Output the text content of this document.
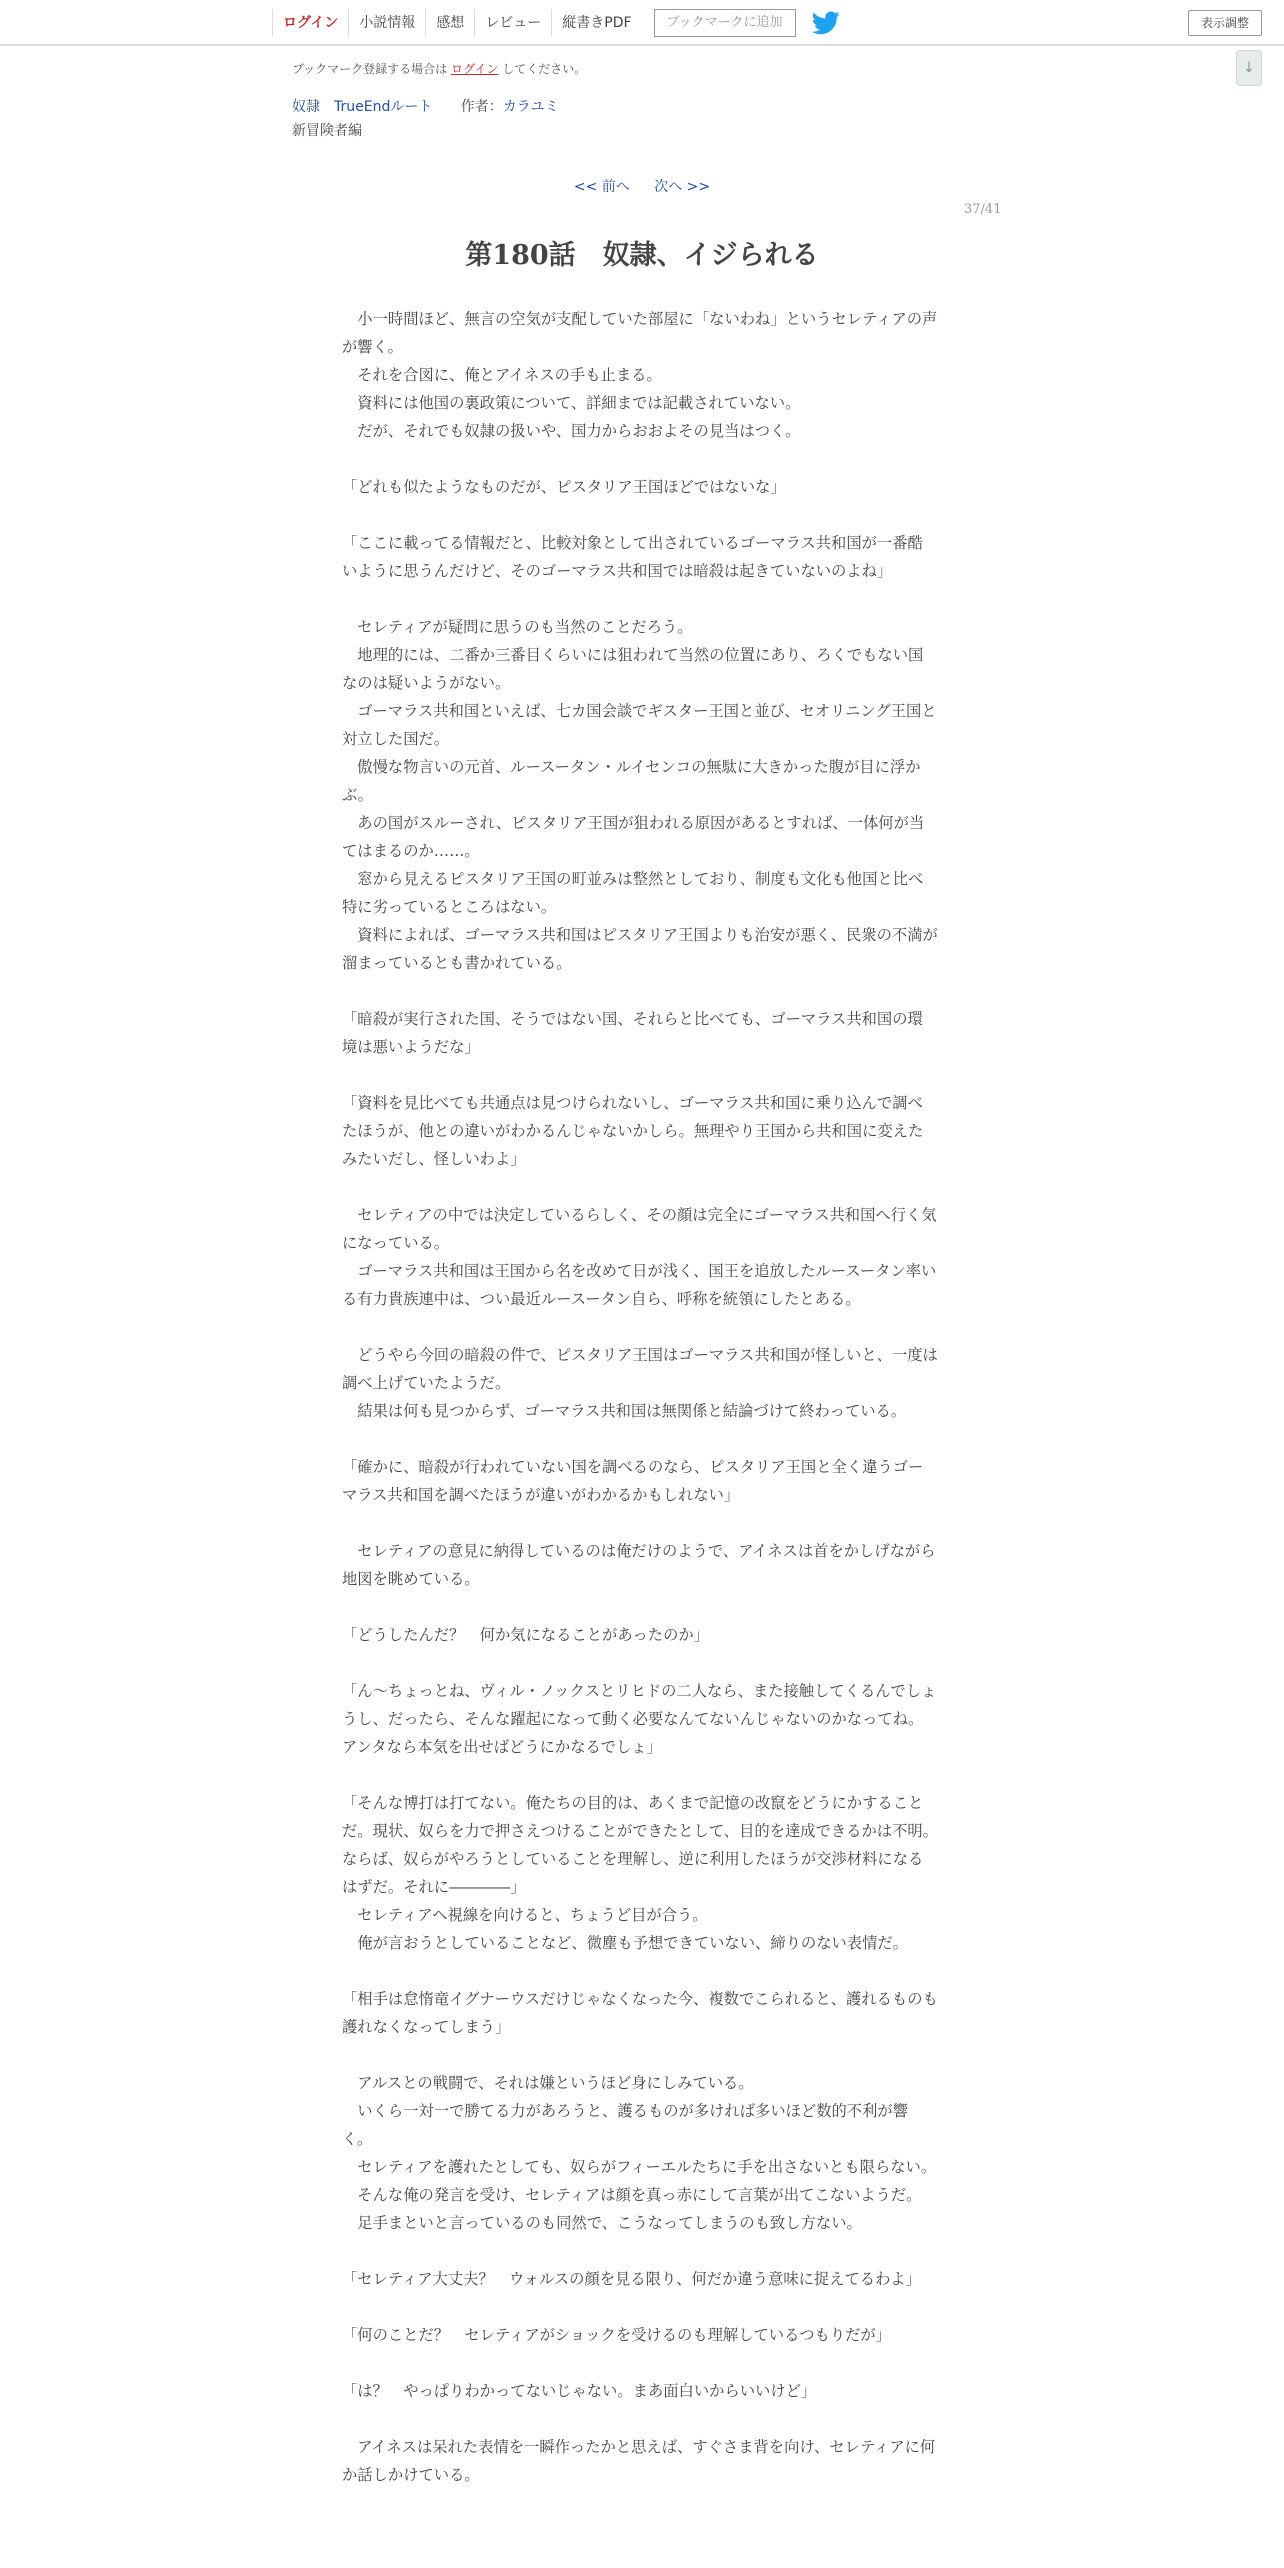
ログイン	小説情報	感想	レビュー	縦書きPDF	ブックマークに追加	表示調整
↓
ブックマーク登録する場合は ログイン してください。
奴隷　TrueEndルート 作者：カラユミ
新冒険者編
<< 前へ 次へ >>
37/41
第180話　奴隷、イジられる

　小一時間ほど、無言の空気が支配していた部屋に「ないわね」というセレティアの声が響く。

　それを合図に、俺とアイネスの手も止まる。

　資料には他国の裏政策について、詳細までは記載されていない。

　だが、それでも奴隷の扱いや、国力からおおよその見当はつく。

「どれも似たようなものだが、ピスタリア王国ほどではないな」

「ここに載ってる情報だと、比較対象として出されているゴーマラス共和国が一番酷いように思うんだけど、そのゴーマラス共和国では暗殺は起きていないのよね」

　セレティアが疑問に思うのも当然のことだろう。

　地理的には、二番か三番目くらいには狙われて当然の位置にあり、ろくでもない国なのは疑いようがない。

　ゴーマラス共和国といえば、七カ国会談でギスター王国と並び、セオリニング王国と対立した国だ。

　傲慢な物言いの元首、ルースータン・ルイセンコの無駄に大きかった腹が目に浮かぶ。

　あの国がスルーされ、ピスタリア王国が狙われる原因があるとすれば、一体何が当てはまるのか……。

　窓から見えるピスタリア王国の町並みは整然としており、制度も文化も他国と比べ特に劣っているところはない。

　資料によれば、ゴーマラス共和国はピスタリア王国よりも治安が悪く、民衆の不満が溜まっているとも書かれている。

「暗殺が実行された国、そうではない国、それらと比べても、ゴーマラス共和国の環境は悪いようだな」

「資料を見比べても共通点は見つけられないし、ゴーマラス共和国に乗り込んで調べたほうが、他との違いがわかるんじゃないかしら。無理やり王国から共和国に変えたみたいだし、怪しいわよ」

　セレティアの中では決定しているらしく、その顔は完全にゴーマラス共和国へ行く気になっている。

　ゴーマラス共和国は王国から名を改めて日が浅く、国王を追放したルースータン率いる有力貴族連中は、つい最近ルースータン自ら、呼称を統領にしたとある。

　どうやら今回の暗殺の件で、ピスタリア王国はゴーマラス共和国が怪しいと、一度は調べ上げていたようだ。

　結果は何も見つからず、ゴーマラス共和国は無関係と結論づけて終わっている。

「確かに、暗殺が行われていない国を調べるのなら、ピスタリア王国と全く違うゴーマラス共和国を調べたほうが違いがわかるかもしれない」

　セレティアの意見に納得しているのは俺だけのようで、アイネスは首をかしげながら地図を眺めている。

「どうしたんだ？　何か気になることがあったのか」

「ん～ちょっとね、ヴィル・ノックスとリヒドの二人なら、また接触してくるんでしょうし、だったら、そんな躍起になって動く必要なんてないんじゃないのかなってね。アンタなら本気を出せばどうにかなるでしょ」

「そんな博打は打てない。俺たちの目的は、あくまで記憶の改竄をどうにかすることだ。現状、奴らを力で押さえつけることができたとして、目的を達成できるかは不明。ならば、奴らがやろうとしていることを理解し、逆に利用したほうが交渉材料になるはずだ。それに――――」

　セレティアへ視線を向けると、ちょうど目が合う。

　俺が言おうとしていることなど、微塵も予想できていない、締りのない表情だ。

「相手は怠惰竜イグナーウスだけじゃなくなった今、複数でこられると、護れるものも護れなくなってしまう」

　アルスとの戦闘で、それは嫌というほど身にしみている。

　いくら一対一で勝てる力があろうと、護るものが多ければ多いほど数的不利が響く。

　セレティアを護れたとしても、奴らがフィーエルたちに手を出さないとも限らない。

　そんな俺の発言を受け、セレティアは顔を真っ赤にして言葉が出てこないようだ。

　足手まといと言っているのも同然で、こうなってしまうのも致し方ない。

「セレティア大丈夫？　ウォルスの顔を見る限り、何だか違う意味に捉えてるわよ」

「何のことだ？　セレティアがショックを受けるのも理解しているつもりだが」

「は？　やっぱりわかってないじゃない。まあ面白いからいいけど」

　アイネスは呆れた表情を一瞬作ったかと思えば、すぐさま背を向け、セレティアに何か話しかけている。
